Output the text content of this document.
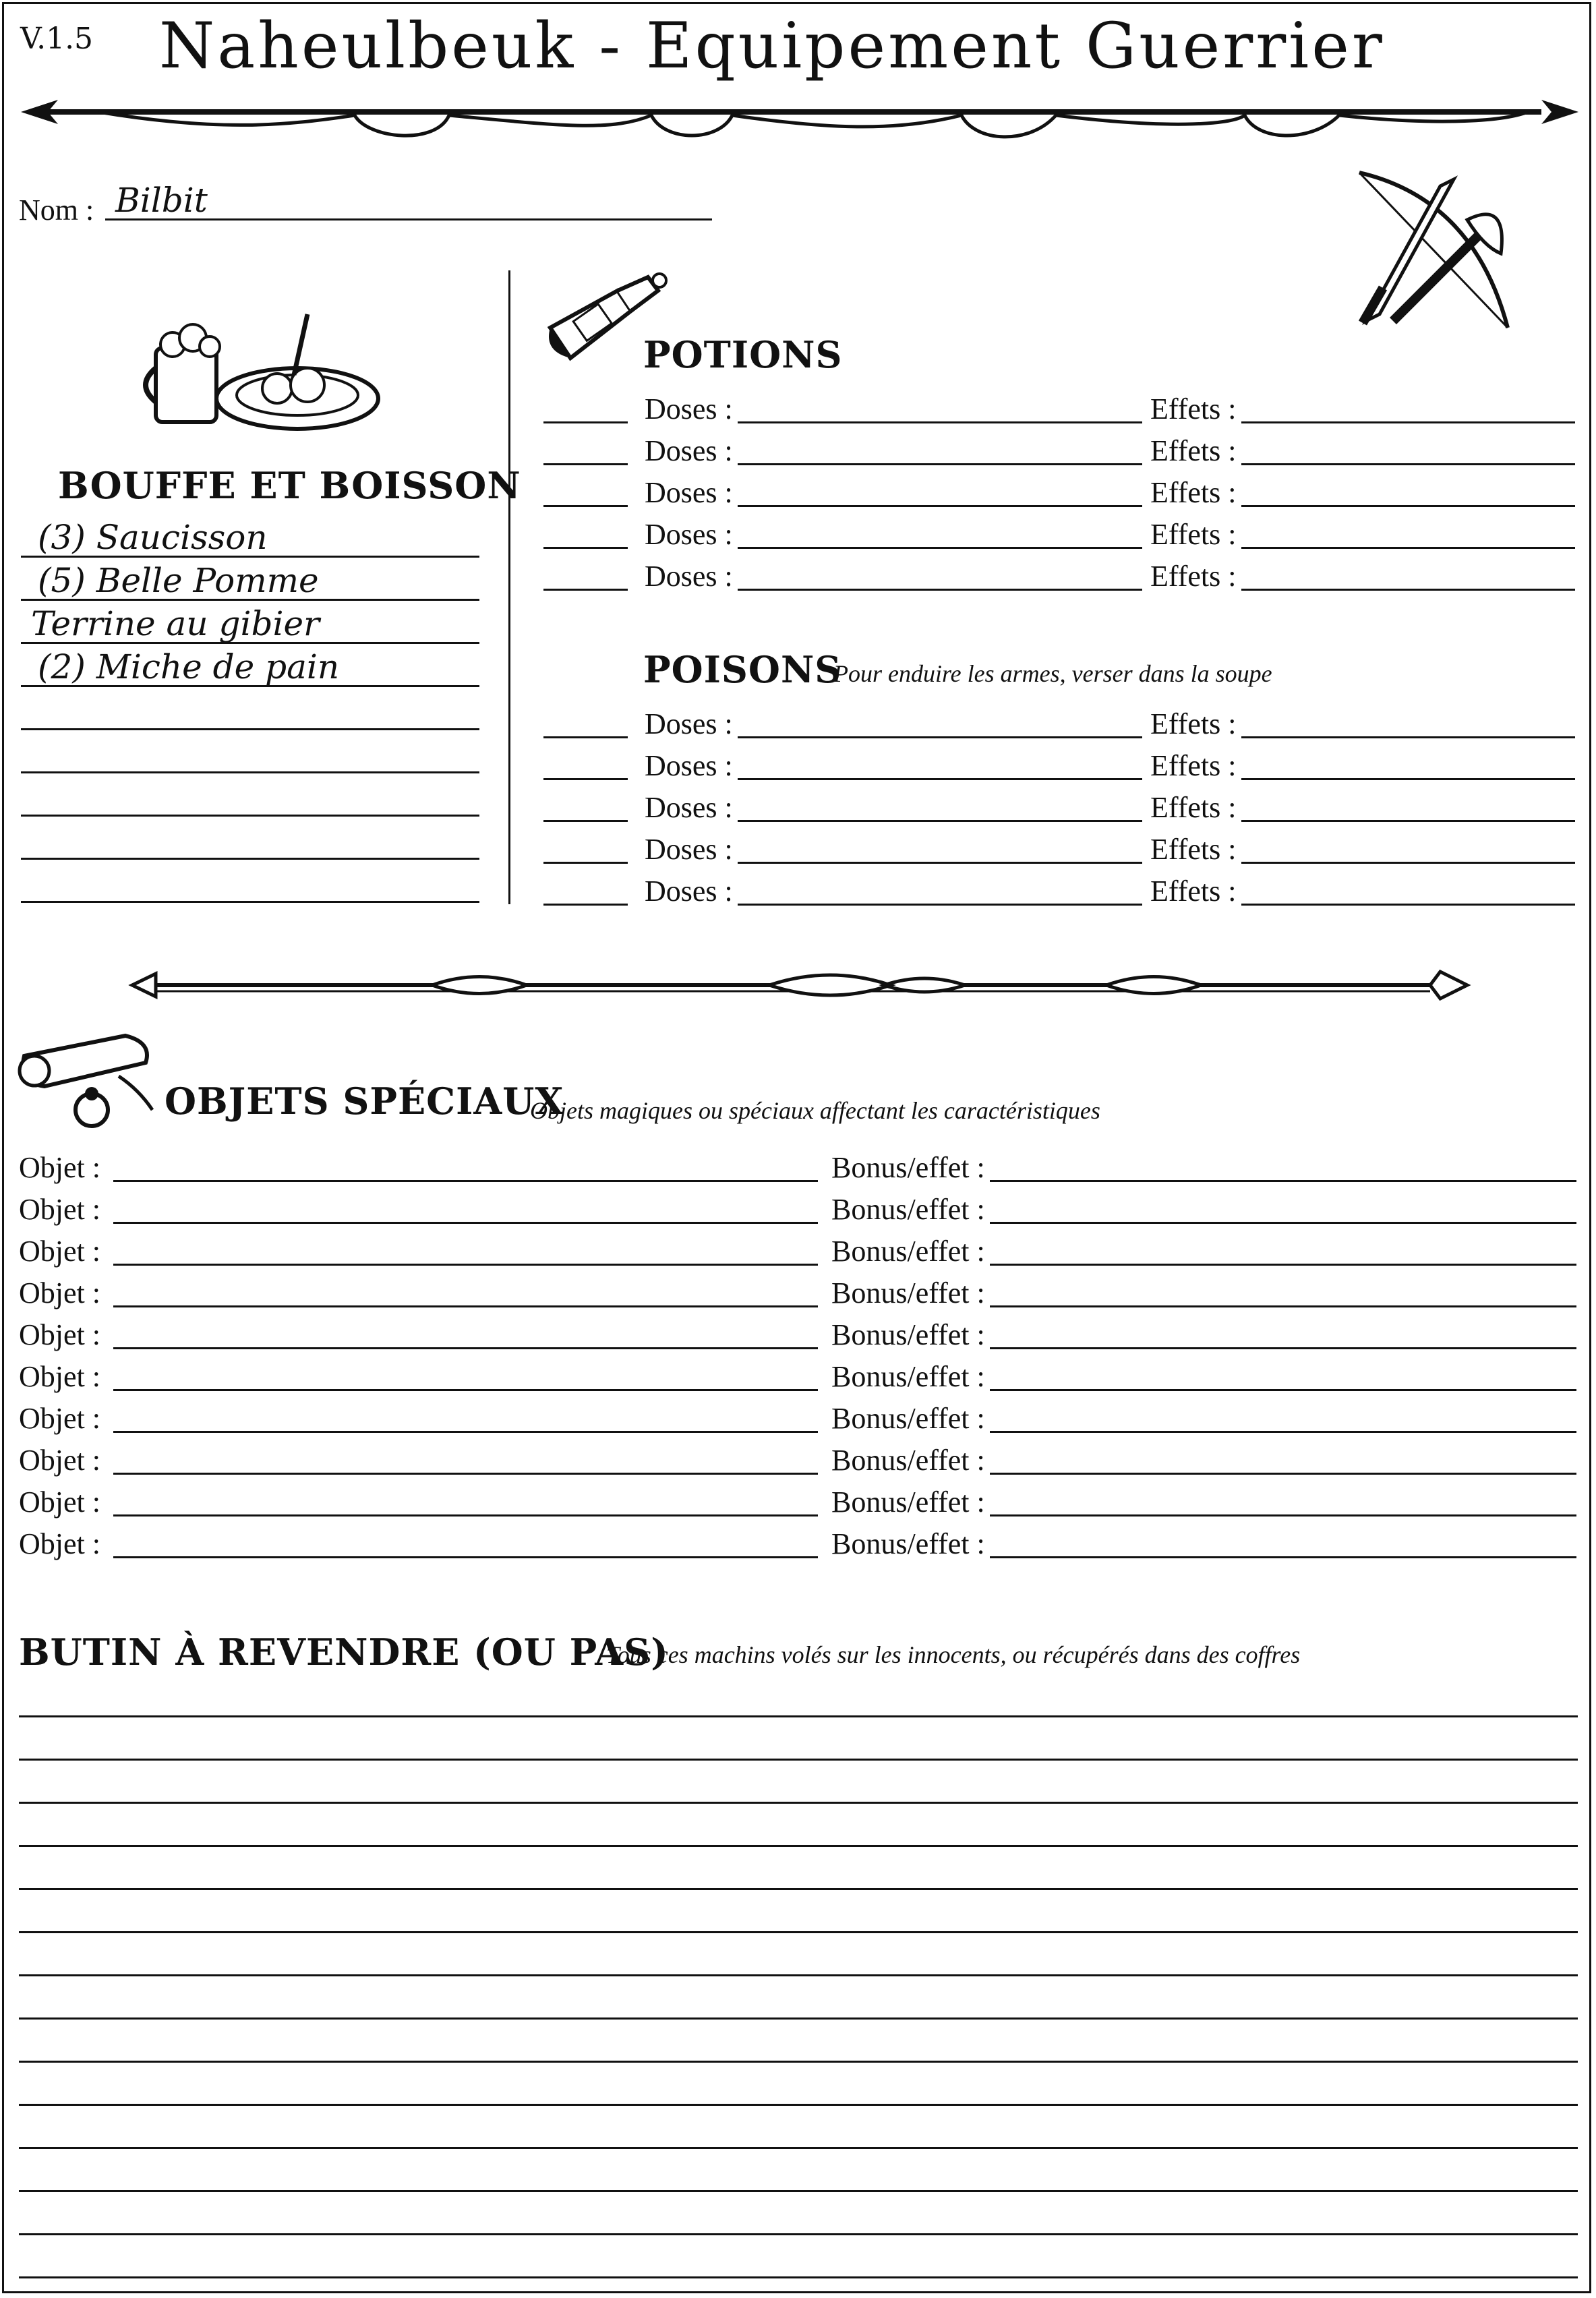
V.1.5 Naheulbeuk - Equipement Guerrier
Nom : Bilbit
BOUFFE ET BOISSON
(3) Saucisson
(5) Belle Pomme
Terrine au gibier
(2) Miche de pain
POTIONS
Doses :	Effets :
Doses :	Effets :
Doses :	Effets :
Doses :	Effets :
Doses :	Effets :
POISONS
Pour enduire les armes, verser dans la soupe
Doses :	Effets :
Doses :	Effets :
Doses :	Effets :
Doses :	Effets :
Doses :	Effets :
OBJETS SPÉCIAUX
Objets magiques ou spéciaux affectant les caractéristiques
Objet :	Bonus/effet :
Objet :	Bonus/effet :
Objet :	Bonus/effet :
Objet :	Bonus/effet :
Objet :	Bonus/effet :
Objet :	Bonus/effet :
Objet :	Bonus/effet :
Objet :	Bonus/effet :
Objet :	Bonus/effet :
Objet :	Bonus/effet :
BUTIN À REVENDRE (OU PAS)
Tous ces machins volés sur les innocents, ou récupérés dans des coffres
